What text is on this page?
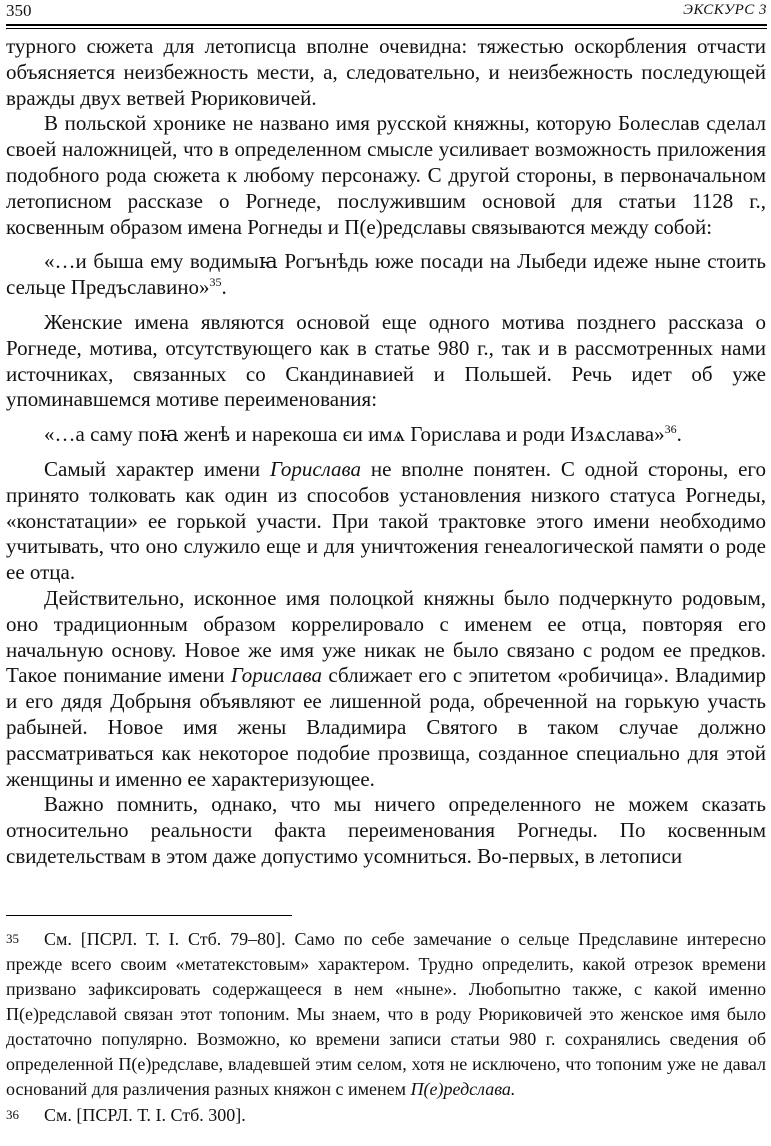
350	ЭКСКУРС 3

турного сюжета для летописца вполне очевидна: тяжестью оскорбления отчасти объясняется неизбежность мести, а, следовательно, и неизбежность последующей вражды двух ветвей Рюриковичей.

В польской хронике не названо имя русской княжны, которую Болеслав сделал своей наложницей, что в определенном смысле усиливает возможность приложения подобного рода сюжета к любому персонажу. С другой стороны, в первоначальном летописном рассказе о Рогнеде, послужившим основой для статьи 1128 г., косвенным образом имена Рогнеды и П(е)редславы связываются между собой:

«…и быша ему водимыꙗ Рогънѣдь юже посади на Лыбеди идеже ныне стоить сельце Предъславино»$^{35}$.

Женские имена являются основой еще одного мотива позднего рассказа о Рогнеде, мотива, отсутствующего как в статье 980 г., так и в рассмотренных нами источниках, связанных со Скандинавией и Польшей. Речь идет об уже упоминавшемся мотиве переименования:

«…а саму поꙗ женѣ и нарекоша єи имѧ Горислава и роди Изѧслава»$^{36}$.

Самый характер имени Горислава не вполне понятен. С одной стороны, его принято толковать как один из способов установления низкого статуса Рогнеды, «констатации» ее горькой участи. При такой трактовке этого имени необходимо учитывать, что оно служило еще и для уничтожения генеалогической памяти о роде ее отца.

Действительно, исконное имя полоцкой княжны было подчеркнуто родовым, оно традиционным образом коррелировало с именем ее отца, повторяя его начальную основу. Новое же имя уже никак не было связано с родом ее предков. Такое понимание имени Горислава сближает его с эпитетом «робичица». Владимир и его дядя Добрыня объявляют ее лишенной рода, обреченной на горькую участь рабыней. Новое имя жены Владимира Святого в таком случае должно рассматриваться как некоторое подобие прозвища, созданное специально для этой женщины и именно ее характеризующее.

Важно помнить, однако, что мы ничего определенного не можем сказать относительно реальности факта переименования Рогнеды. По косвенным свидетельствам в этом даже допустимо усомниться. Во-первых, в летописи

35 См. [ПСРЛ. Т. I. Стб. 79–80]. Само по себе замечание о сельце Предславине интересно прежде всего своим «метатекстовым» характером. Трудно определить, какой отрезок времени призвано зафиксировать содержащееся в нем «ныне». Любопытно также, с какой именно П(е)редславой связан этот топоним. Мы знаем, что в роду Рюриковичей это женское имя было достаточно популярно. Возможно, ко времени записи статьи 980 г. сохранялись сведения об определенной П(е)редславе, владевшей этим селом, хотя не исключено, что топоним уже не давал оснований для различения разных княжон с именем П(е)редслава.

36 См. [ПСРЛ. Т. I. Стб. 300].
